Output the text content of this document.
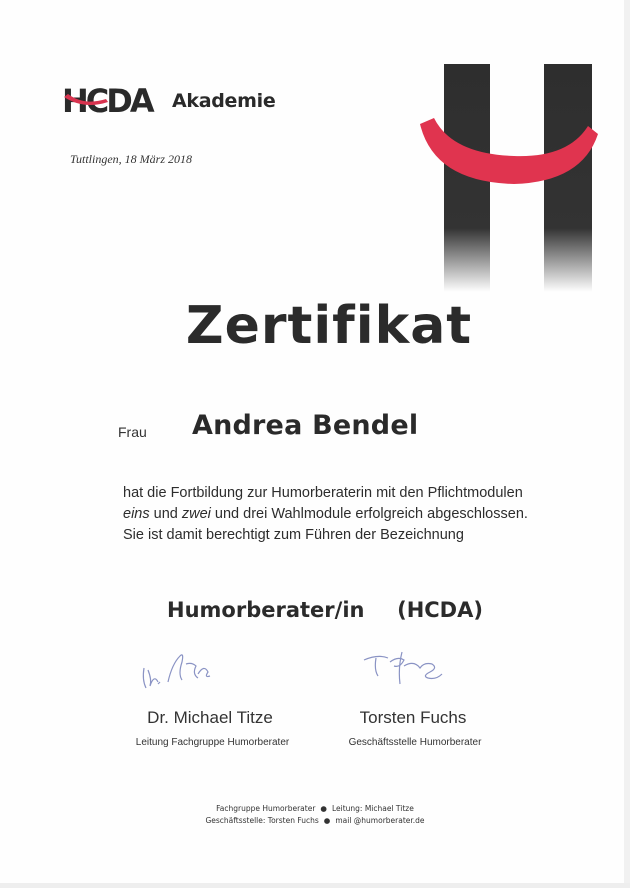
HCDA Akademie
Tuttlingen, 18 März 2018
Zertifikat
Frau Andrea Bendel
hat die Fortbildung zur Humorberaterin mit den Pflichtmodulen
eins und zwei und drei Wahlmodule erfolgreich abgeschlossen.
Sie ist damit berechtigt zum Führen der Bezeichnung
Humorberater/in (HCDA)
Dr. Michael Titze	Torsten Fuchs
Leitung Fachgruppe Humorberater	Geschäftsstelle Humorberater
Fachgruppe Humorberater ● Leitung: Michael Titze
Geschäftsstelle: Torsten Fuchs ● mail @humorberater.de
